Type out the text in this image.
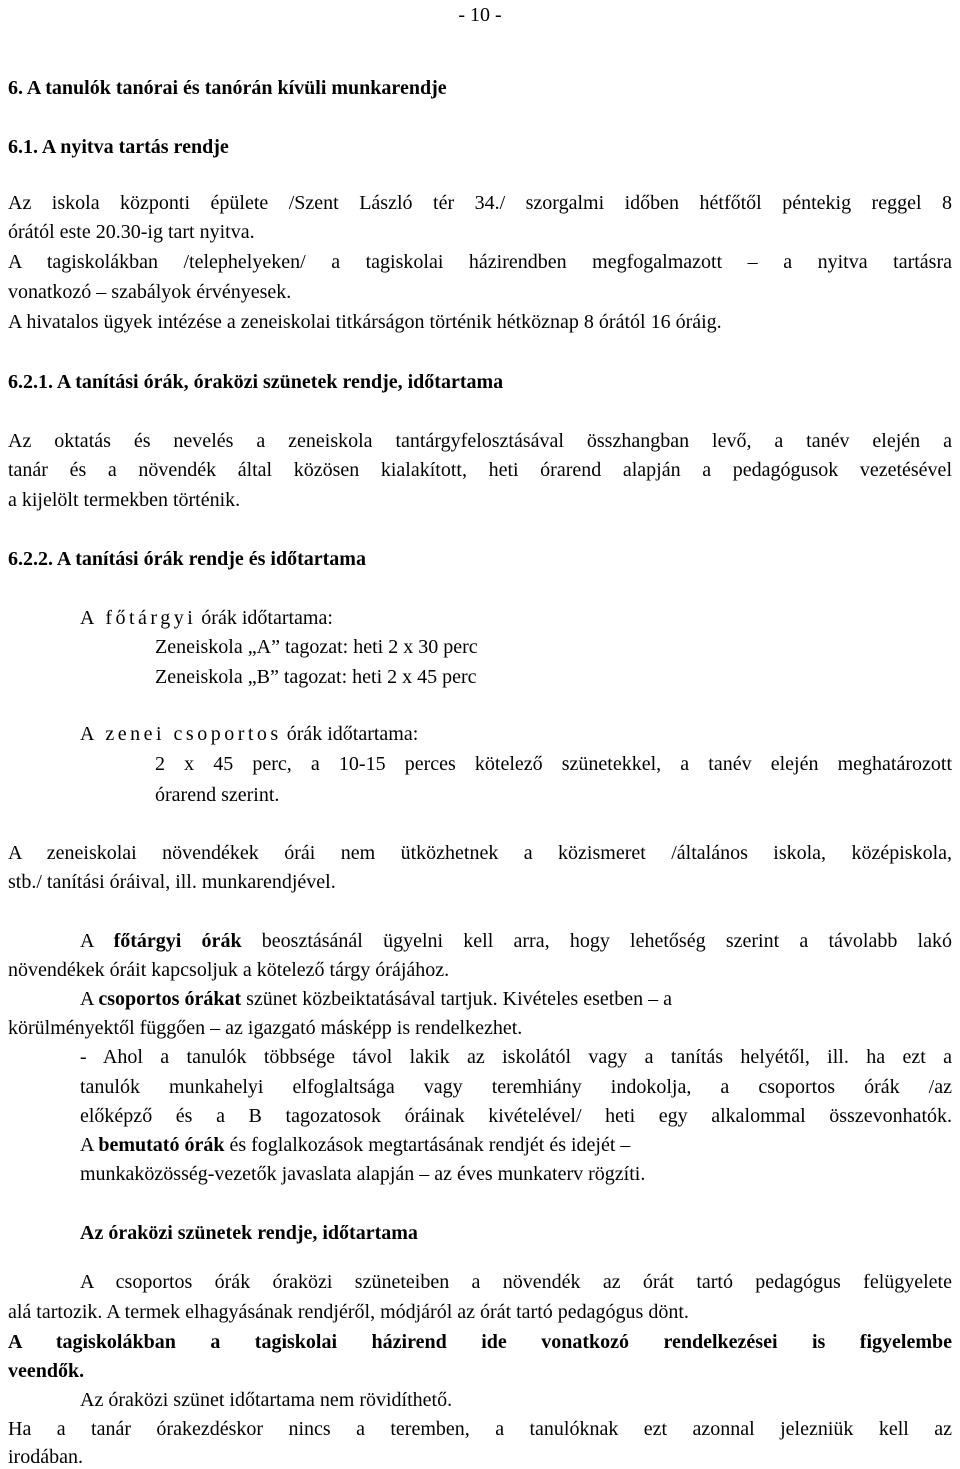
- 10 -
6. A tanulók tanórai és tanórán kívüli munkarendje
6.1. A nyitva tartás rendje
Az iskola központi épülete /Szent László tér 34./ szorgalmi időben hétfőtől péntekig reggel 8
órától este 20.30-ig tart nyitva.
A tagiskolákban /telephelyeken/ a tagiskolai házirendben megfogalmazott – a nyitva tartásra
vonatkozó – szabályok érvényesek.
A hivatalos ügyek intézése a zeneiskolai titkárságon történik hétköznap 8 órától 16 óráig.
6.2.1. A tanítási órák, óraközi szünetek rendje, időtartama
Az oktatás és nevelés a zeneiskola tantárgyfelosztásával összhangban levő, a tanév elején a
tanár és a növendék által közösen kialakított, heti órarend alapján a pedagógusok vezetésével
a kijelölt termekben történik.
6.2.2. A tanítási órák rendje és időtartama
A főtárgyi órák időtartama:
Zeneiskola „A” tagozat: heti 2 x 30 perc
Zeneiskola „B” tagozat: heti 2 x 45 perc
A zenei csoportos órák időtartama:
2 x 45 perc, a 10-15 perces kötelező szünetekkel, a tanév elején meghatározott
órarend szerint.
A zeneiskolai növendékek órái nem ütközhetnek a közismeret /általános iskola, középiskola,
stb./ tanítási óráival, ill. munkarendjével.
A főtárgyi órák beosztásánál ügyelni kell arra, hogy lehetőség szerint a távolabb lakó
növendékek óráit kapcsoljuk a kötelező tárgy órájához.
A csoportos órákat szünet közbeiktatásával tartjuk. Kivételes esetben – a
körülményektől függően – az igazgató másképp is rendelkezhet.
- Ahol a tanulók többsége távol lakik az iskolától vagy a tanítás helyétől, ill. ha ezt a
tanulók munkahelyi elfoglaltsága vagy teremhiány indokolja, a csoportos órák /az
előképző és a B tagozatosok óráinak kivételével/ heti egy alkalommal összevonhatók.
A bemutató órák és foglalkozások megtartásának rendjét és idejét –
munkaközösség-vezetők javaslata alapján – az éves munkaterv rögzíti.
Az óraközi szünetek rendje, időtartama
A csoportos órák óraközi szüneteiben a növendék az órát tartó pedagógus felügyelete
alá tartozik. A termek elhagyásának rendjéről, módjáról az órát tartó pedagógus dönt.
A tagiskolákban a tagiskolai házirend ide vonatkozó rendelkezései is figyelembe
veendők.
Az óraközi szünet időtartama nem rövidíthető.
Ha a tanár órakezdéskor nincs a teremben, a tanulóknak ezt azonnal jelezniük kell az
irodában.
